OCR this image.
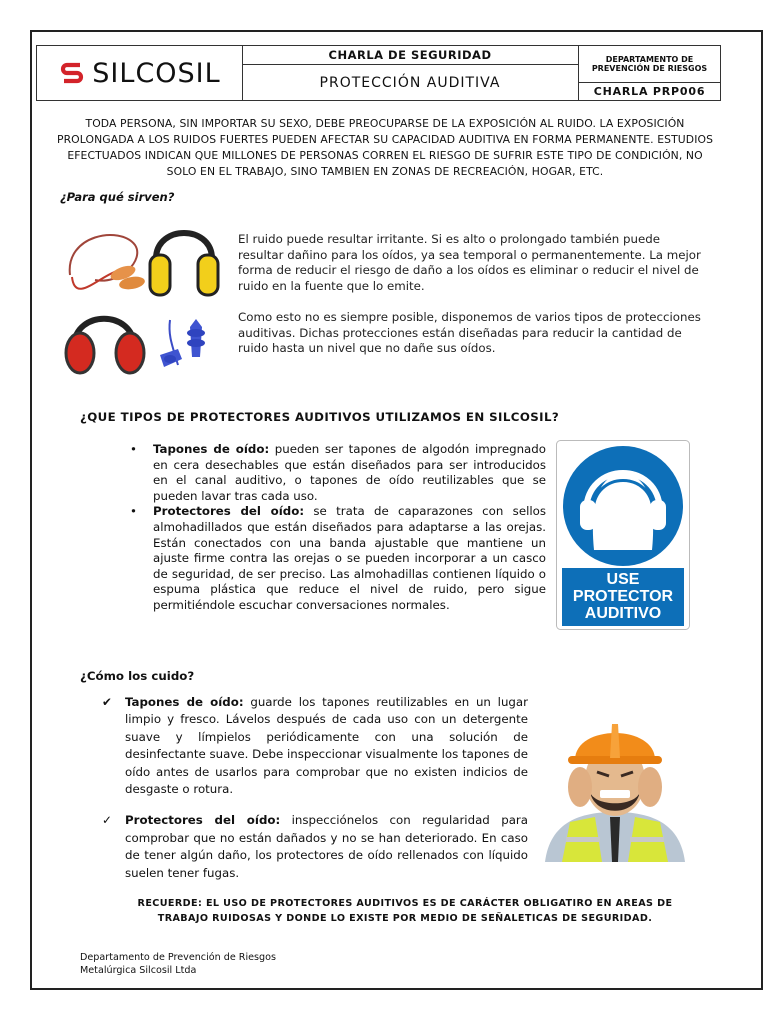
SILCOSIL
CHARLA DE SEGURIDAD
PROTECCIÓN AUDITIVA
DEPARTAMENTO DE
PREVENCIÓN DE RIESGOS
CHARLA PRP006
TODA PERSONA, SIN IMPORTAR SU SEXO, DEBE PREOCUPARSE DE LA EXPOSICIÓN AL RUIDO. LA EXPOSICIÓN PROLONGADA A LOS RUIDOS FUERTES PUEDEN AFECTAR SU CAPACIDAD AUDITIVA EN FORMA PERMANENTE. ESTUDIOS EFECTUADOS INDICAN QUE MILLONES DE PERSONAS CORREN EL RIESGO DE SUFRIR ESTE TIPO DE CONDICIÓN, NO SOLO EN EL TRABAJO, SINO TAMBIEN EN ZONAS DE RECREACIÓN, HOGAR, ETC.
¿Para qué sirven?
El ruido puede resultar irritante. Si es alto o prolongado también puede resultar dañino para los oídos, ya sea temporal o permanentemente. La mejor forma de reducir el riesgo de daño a los oídos es eliminar o reducir el nivel de ruido en la fuente que lo emite.
Como esto no es siempre posible, disponemos de varios tipos de protecciones auditivas. Dichas protecciones están diseñadas para reducir la cantidad de ruido hasta un nivel que no dañe sus oídos.
¿QUE TIPOS DE PROTECTORES AUDITIVOS UTILIZAMOS EN SILCOSIL?
• Tapones de oído: pueden ser tapones de algodón impregnado en cera desechables que están diseñados para ser introducidos en el canal auditivo, o tapones de oído reutilizables que se pueden lavar tras cada uso.
• Protectores del oído: se trata de caparazones con sellos almohadillados que están diseñados para adaptarse a las orejas. Están conectados con una banda ajustable que mantiene un ajuste firme contra las orejas o se pueden incorporar a un casco de seguridad, de ser preciso. Las almohadillas contienen líquido o espuma plástica que reduce el nivel de ruido, pero sigue permitiéndole escuchar conversaciones normales.
USE
PROTECTOR
AUDITIVO
¿Cómo los cuido?
✔ Tapones de oído: guarde los tapones reutilizables en un lugar limpio y fresco. Lávelos después de cada uso con un detergente suave y límpielos periódicamente con una solución de desinfectante suave. Debe inspeccionar visualmente los tapones de oído antes de usarlos para comprobar que no existen indicios de desgaste o rotura.
✓ Protectores del oído: inspecciónelos con regularidad para comprobar que no están dañados y no se han deteriorado. En caso de tener algún daño, los protectores de oído rellenados con líquido suelen tener fugas.
RECUERDE: EL USO DE PROTECTORES AUDITIVOS ES DE CARÁCTER OBLIGATIRO EN AREAS DE TRABAJO RUIDOSAS Y DONDE LO EXISTE POR MEDIO DE SEÑALETICAS DE SEGURIDAD.
Departamento de Prevención de Riesgos
Metalúrgica Silcosil Ltda
